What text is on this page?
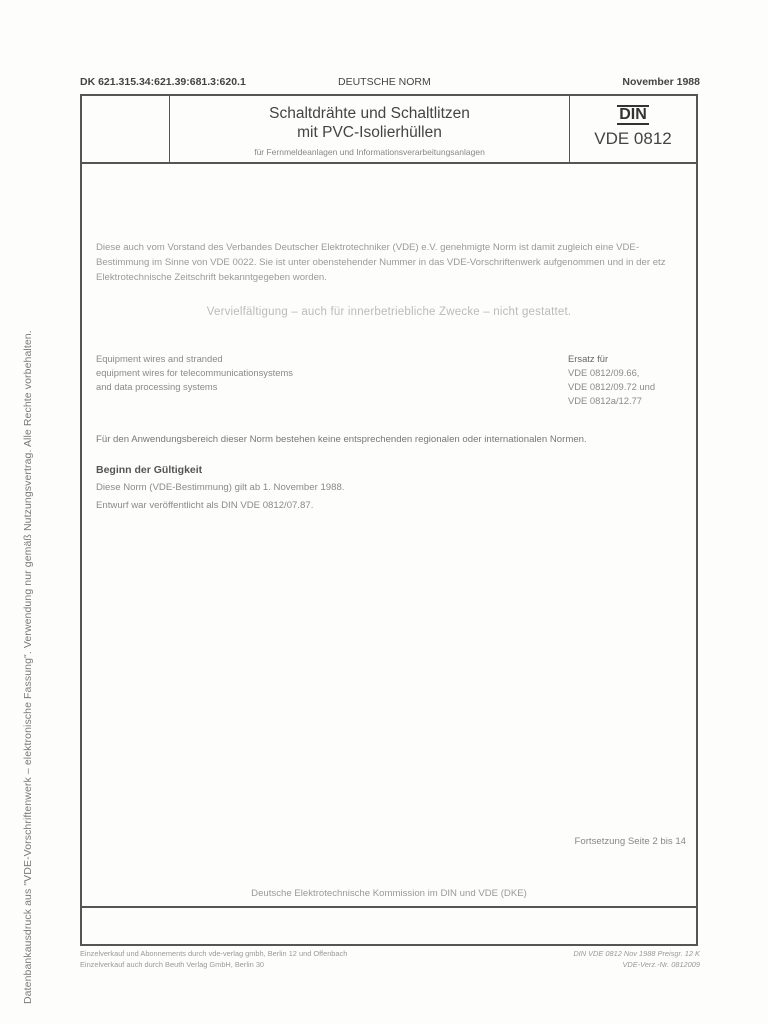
Datenbankausdruck aus "VDE-Vorschriftenwerk – elektronische Fassung". Verwendung nur gemäß Nutzungsvertrag. Alle Rechte vorbehalten.
DK 621.315.34:621.39:681.3:620.1	DEUTSCHE NORM	November 1988
Schaltdrähte und Schaltlitzen
mit PVC-Isolierhüllen
für Fernmeldeanlagen und Informationsverarbeitungsanlagen
DIN
VDE 0812
Diese auch vom Vorstand des Verbandes Deutscher Elektrotechniker (VDE) e.V. genehmigte Norm ist damit zugleich eine VDE-Bestimmung im Sinne von VDE 0022. Sie ist unter obenstehender Nummer in das VDE-Vorschriftenwerk aufgenommen und in der etz Elektrotechnische Zeitschrift bekanntgegeben worden.
Vervielfältigung – auch für innerbetriebliche Zwecke – nicht gestattet.
Equipment wires and stranded
equipment wires for telecommunicationsystems
and data processing systems
Ersatz für
VDE 0812/09.66,
VDE 0812/09.72 und
VDE 0812a/12.77
Für den Anwendungsbereich dieser Norm bestehen keine entsprechenden regionalen oder internationalen Normen.
Beginn der Gültigkeit
Diese Norm (VDE-Bestimmung) gilt ab 1. November 1988.
Entwurf war veröffentlicht als DIN VDE 0812/07.87.
Fortsetzung Seite 2 bis 14
Deutsche Elektrotechnische Kommission im DIN und VDE (DKE)
Einzelverkauf und Abonnements durch vde-verlag gmbh, Berlin 12 und Offenbach
Einzelverkauf auch durch Beuth Verlag GmbH, Berlin 30
DIN VDE 0812 Nov 1988 Preisgr. 12 K
VDE-Verz.-Nr. 0812009
